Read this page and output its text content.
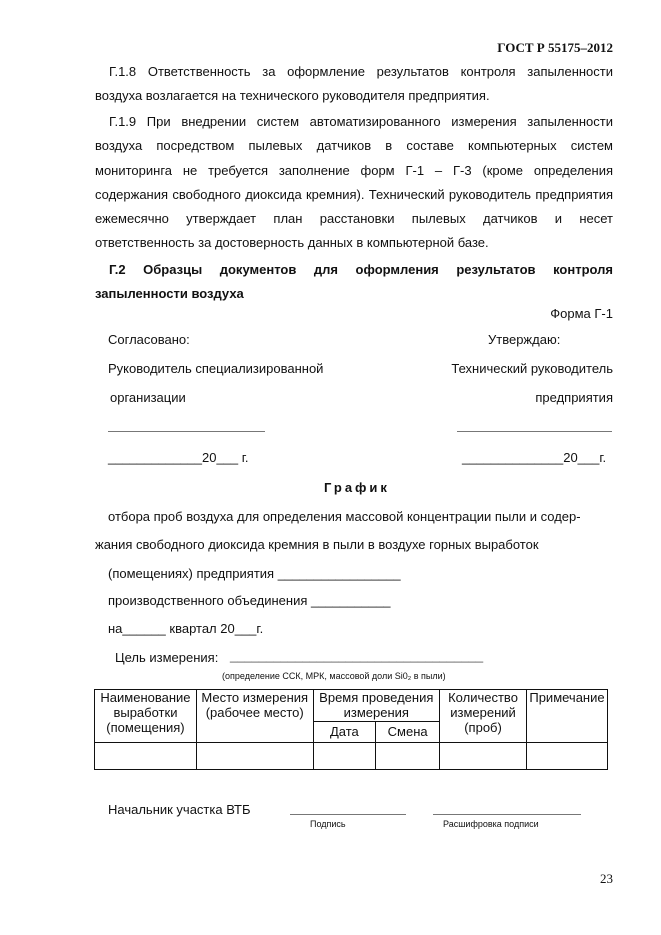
ГОСТ Р 55175–2012
Г.1.8 Ответственность за оформление результатов контроля запыленности воздуха возлагается на технического руководителя предприятия.
Г.1.9 При внедрении систем автоматизированного измерения запыленности воздуха посредством пылевых датчиков в составе компьютерных систем мониторинга не требуется заполнение форм Г-1 – Г-3 (кроме определения содержания свободного диоксида кремния). Технический руководитель предприятия ежемесячно утверждает план расстановки пылевых датчиков и несет ответственность за достоверность данных в компьютерной базе.
Г.2 Образцы документов для оформления результатов контроля запыленности воздуха
Форма Г-1
Согласовано:	Утверждаю:
Руководитель специализированной	Технический руководитель
организации	предприятия
_____________20___ г.	______________20___г.
График
отбора проб воздуха для определения массовой концентрации пыли и содер-
жания свободного диоксида кремния в пыли в воздухе горных выработок
(помещениях) предприятия _________________
производственного объединения ___________
на______ квартал 20___г.
Цель измерения: ___________________________________
(определение ССК, МРК, массовой доли Si0₂ в пыли)
Наименование выработки (помещения)	Место измерения (рабочее место)	Время проведения измерения		Количество измерений (проб)	Примечание
		Дата	Смена		

Начальник участка ВТБ
Подпись	Расшифровка подписи
23
